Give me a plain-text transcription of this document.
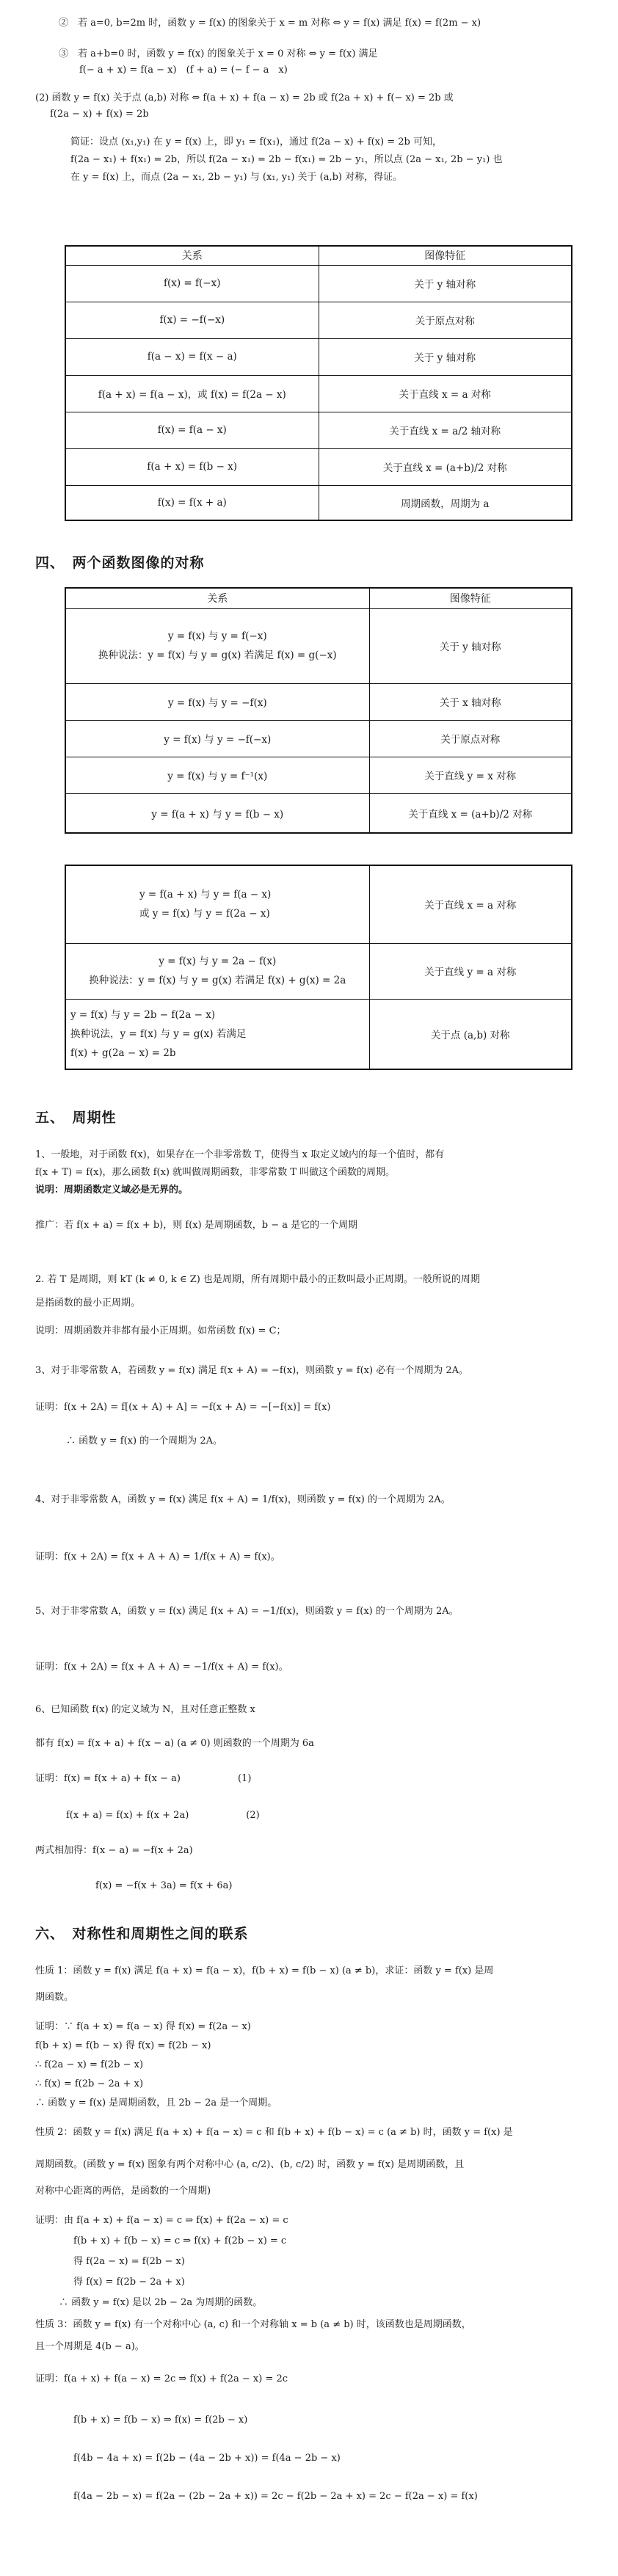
②　若 a=0, b=2m 时，函数 y = f(x) 的图象关于 x = m 对称 ⇔ y = f(x) 满足 f(x) = f(2m − x)
③　若 a+b=0 时，函数 y = f(x) 的图象关于 x = 0 对称 ⇔ y = f(x) 满足
f(− a + x) = f(a − x)　(f + a) = (− f − a　x)
(2) 函数 y = f(x) 关于点 (a,b) 对称 ⇔ f(a + x) + f(a − x) = 2b 或 f(2a + x) + f(− x) = 2b 或
f(2a − x) + f(x) = 2b
简证：设点 (x₁,y₁) 在 y = f(x) 上，即 y₁ = f(x₁)，通过 f(2a − x) + f(x) = 2b 可知，
f(2a − x₁) + f(x₁) = 2b，所以 f(2a − x₁) = 2b − f(x₁) = 2b − y₁，所以点 (2a − x₁, 2b − y₁) 也
在 y = f(x) 上，而点 (2a − x₁, 2b − y₁) 与 (x₁, y₁) 关于 (a,b) 对称，得证。
关系	图像特征
f(x) = f(−x)	关于 y 轴对称
f(x) = −f(−x)	关于原点对称
f(a − x) = f(x − a)	关于 y 轴对称
f(a + x) = f(a − x)，或 f(x) = f(2a − x)	关于直线 x = a 对称
f(x) = f(a − x)	关于直线 x = a/2 轴对称
f(a + x) = f(b − x)	关于直线 x = (a+b)/2 对称
f(x) = f(x + a)	周期函数，周期为 a
四、　两个函数图像的对称
关系	图像特征

y = f(x) 与 y = f(−x)
换种说法：y = f(x) 与 y = g(x) 若满足 f(x) = g(−x)	关于 y 轴对称
y = f(x) 与 y = −f(x)	关于 x 轴对称
y = f(x) 与 y = −f(−x)	关于原点对称
y = f(x) 与 y = f⁻¹(x)	关于直线 y = x 对称
y = f(a + x) 与 y = f(b − x)	关于直线 x = (a+b)/2 对称
y = f(a + x) 与 y = f(a − x)
或 y = f(x) 与 y = f(2a − x)	关于直线 x = a 对称

y = f(x) 与 y = 2a − f(x)
换种说法：y = f(x) 与 y = g(x) 若满足 f(x) + g(x) = 2a	关于直线 y = a 对称

y = f(x) 与 y = 2b − f(2a − x)
换种说法，y = f(x) 与 y = g(x) 若满足
f(x) + g(2a − x) = 2b	关于点 (a,b) 对称
五、　周期性
1、一般地，对于函数 f(x)，如果存在一个非零常数 T，使得当 x 取定义域内的每一个值时，都有
f(x + T) = f(x)，那么函数 f(x) 就叫做周期函数，非零常数 T 叫做这个函数的周期。
说明：周期函数定义域必是无界的。
推广：若 f(x + a) = f(x + b)，则 f(x) 是周期函数，b − a 是它的一个周期
2. 若 T 是周期，则 kT (k ≠ 0, k ∈ Z) 也是周期，所有周期中最小的正数叫最小正周期。一般所说的周期
是指函数的最小正周期。
说明：周期函数并非都有最小正周期。如常函数 f(x) = C；
3、对于非零常数 A，若函数 y = f(x) 满足 f(x + A) = −f(x)，则函数 y = f(x) 必有一个周期为 2A。
证明：f(x + 2A) = f[(x + A) + A] = −f(x + A) = −[−f(x)] = f(x)
∴ 函数 y = f(x) 的一个周期为 2A。
4、对于非零常数 A，函数 y = f(x) 满足 f(x + A) = 1/f(x)，则函数 y = f(x) 的一个周期为 2A。
证明：f(x + 2A) = f(x + A + A) = 1/f(x + A) = f(x)。
5、对于非零常数 A，函数 y = f(x) 满足 f(x + A) = −1/f(x)，则函数 y = f(x) 的一个周期为 2A。
证明：f(x + 2A) = f(x + A + A) = −1/f(x + A) = f(x)。
6、已知函数 f(x) 的定义域为 N，且对任意正整数 x
都有 f(x) = f(x + a) + f(x − a) (a ≠ 0) 则函数的一个周期为 6a
证明：f(x) = f(x + a) + f(x − a)　　　　　　(1)
f(x + a) = f(x) + f(x + 2a)　　　　　　(2)
两式相加得：f(x − a) = −f(x + 2a)
f(x) = −f(x + 3a) = f(x + 6a)
六、　对称性和周期性之间的联系
性质 1：函数 y = f(x) 满足 f(a + x) = f(a − x)，f(b + x) = f(b − x) (a ≠ b)，求证：函数 y = f(x) 是周
期函数。
证明：∵ f(a + x) = f(a − x) 得 f(x) = f(2a − x)
f(b + x) = f(b − x) 得 f(x) = f(2b − x)
∴ f(2a − x) = f(2b − x)
∴ f(x) = f(2b − 2a + x)
∴ 函数 y = f(x) 是周期函数，且 2b − 2a 是一个周期。
性质 2：函数 y = f(x) 满足 f(a + x) + f(a − x) = c 和 f(b + x) + f(b − x) = c (a ≠ b) 时，函数 y = f(x) 是
周期函数。(函数 y = f(x) 图象有两个对称中心 (a, c/2)、(b, c/2) 时，函数 y = f(x) 是周期函数，且
对称中心距离的两倍，是函数的一个周期)
证明：由 f(a + x) + f(a − x) = c ⇒ f(x) + f(2a − x) = c
f(b + x) + f(b − x) = c ⇒ f(x) + f(2b − x) = c
得 f(2a − x) = f(2b − x)
得 f(x) = f(2b − 2a + x)
∴ 函数 y = f(x) 是以 2b − 2a 为周期的函数。
性质 3：函数 y = f(x) 有一个对称中心 (a, c) 和一个对称轴 x = b (a ≠ b) 时，该函数也是周期函数，
且一个周期是 4(b − a)。
证明：f(a + x) + f(a − x) = 2c ⇒ f(x) + f(2a − x) = 2c
f(b + x) = f(b − x) ⇒ f(x) = f(2b − x)
f(4b − 4a + x) = f(2b − (4a − 2b + x)) = f(4a − 2b − x)
f(4a − 2b − x) = f(2a − (2b − 2a + x)) = 2c − f(2b − 2a + x) = 2c − f(2a − x) = f(x)
